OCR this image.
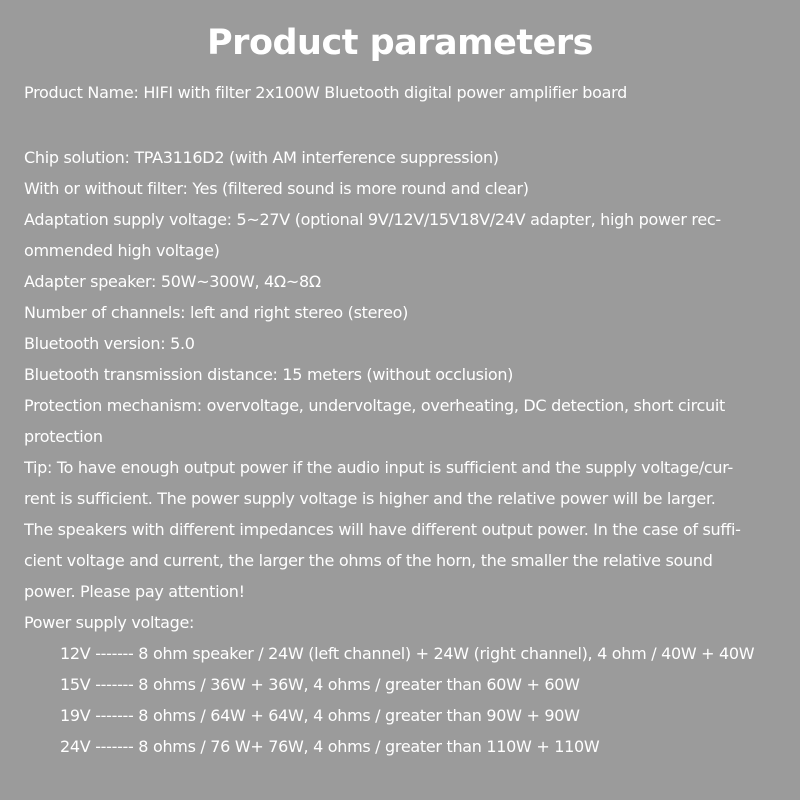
Product parameters
Product Name: HIFI with filter 2x100W Bluetooth digital power amplifier board
Chip solution: TPA3116D2 (with AM interference suppression)
With or without filter: Yes (filtered sound is more round and clear)
Adaptation supply voltage: 5~27V (optional 9V/12V/15V18V/24V adapter, high power rec-
ommended high voltage)
Adapter speaker: 50W~300W, 4Ω~8Ω
Number of channels: left and right stereo (stereo)
Bluetooth version: 5.0
Bluetooth transmission distance: 15 meters (without occlusion)
Protection mechanism: overvoltage, undervoltage, overheating, DC detection, short circuit
protection
Tip: To have enough output power if the audio input is sufficient and the supply voltage/cur-
rent is sufficient. The power supply voltage is higher and the relative power will be larger.
The speakers with different impedances will have different output power. In the case of suffi-
cient voltage and current, the larger the ohms of the horn, the smaller the relative sound
power. Please pay attention!
Power supply voltage:
12V ------- 8 ohm speaker / 24W (left channel) + 24W (right channel), 4 ohm / 40W + 40W
15V ------- 8 ohms / 36W + 36W, 4 ohms / greater than 60W + 60W
19V ------- 8 ohms / 64W + 64W, 4 ohms / greater than 90W + 90W
24V ------- 8 ohms / 76 W+ 76W, 4 ohms / greater than 110W + 110W
